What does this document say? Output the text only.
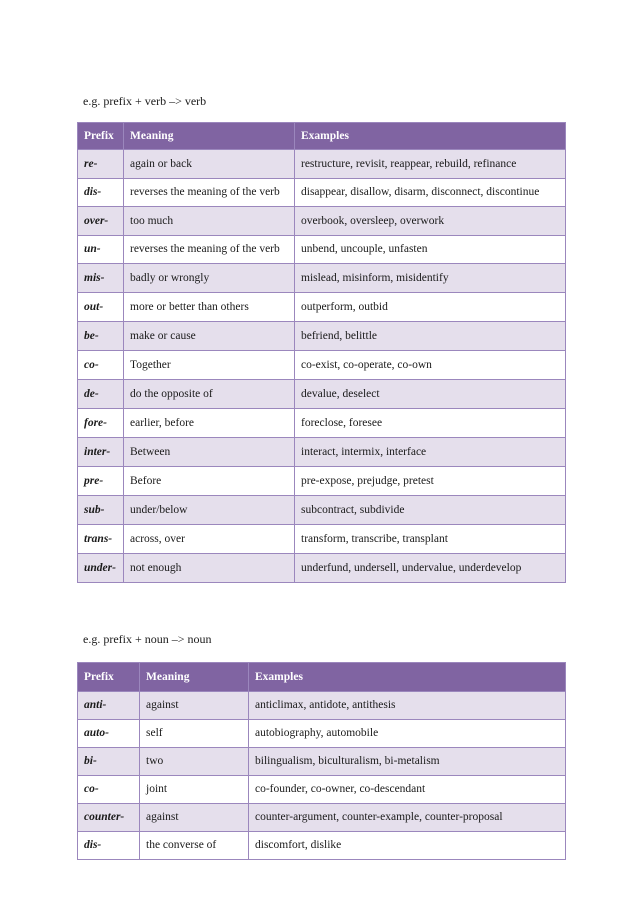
e.g. prefix + verb –> verb
Prefix	Meaning	Examples

re-	again or back	restructure, revisit, reappear, rebuild, refinance

dis-	reverses the meaning of the verb	disappear, disallow, disarm, disconnect, discontinue

over-	too much	overbook, oversleep, overwork

un-	reverses the meaning of the verb	unbend, uncouple, unfasten

mis-	badly or wrongly	mislead, misinform, misidentify

out-	more or better than others	outperform, outbid

be-	make or cause	befriend, belittle

co-	Together	co-exist, co-operate, co-own

de-	do the opposite of	devalue, deselect

fore-	earlier, before	foreclose, foresee

inter-	Between	interact, intermix, interface

pre-	Before	pre-expose, prejudge, pretest

sub-	under/below	subcontract, subdivide

trans-	across, over	transform, transcribe, transplant

under-	not enough	underfund, undersell, undervalue, underdevelop
e.g. prefix + noun –> noun
Prefix	Meaning	Examples

anti-	against	anticlimax, antidote, antithesis

auto-	self	autobiography, automobile

bi-	two	bilingualism, biculturalism, bi-metalism

co-	joint	co-founder, co-owner, co-descendant

counter-	against	counter-argument, counter-example, counter-proposal

dis-	the converse of	discomfort, dislike
